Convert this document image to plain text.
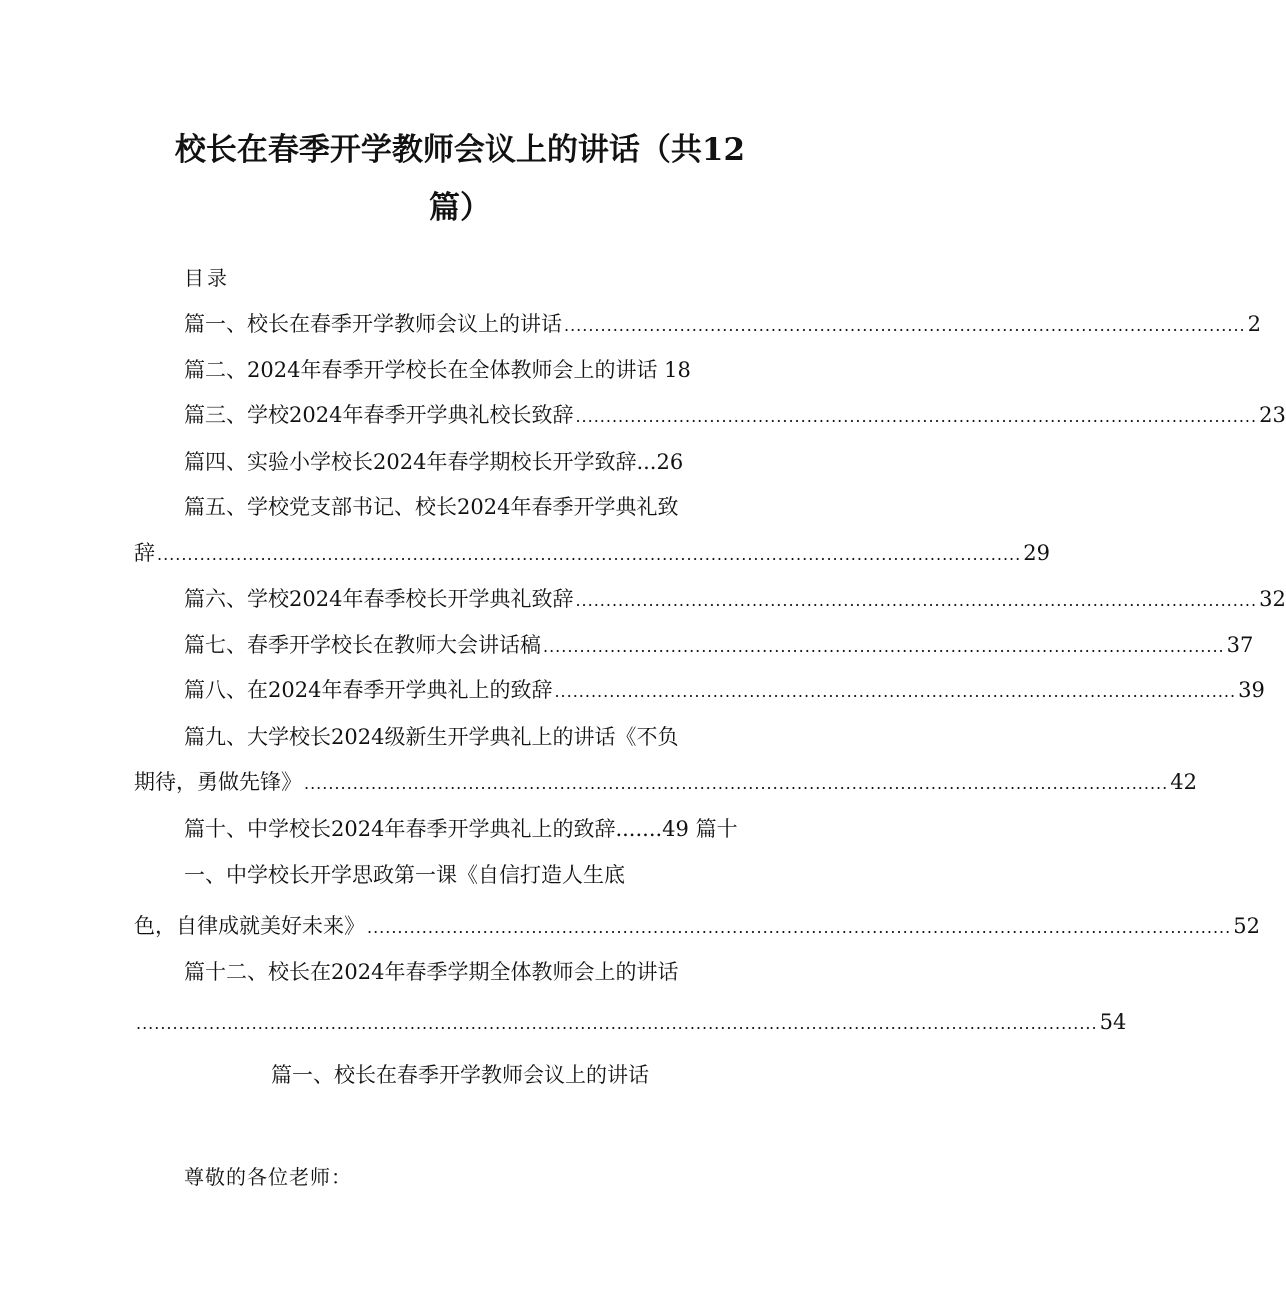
校长在春季开学教师会议上的讲话（共12
篇）
目录
篇一、校长在春季开学教师会议上的讲话 ................................................................................................................ 2
篇二、2024年春季开学校长在全体教师会上的讲话 18
篇三、学校2024年春季开学典礼校长致辞 ................................................................................................................ 23
篇四、实验小学校长2024年春学期校长开学致辞...26
篇五、学校党支部书记、校长2024年春季开学典礼致
辞 .............................................................................................................................................. 29
篇六、学校2024年春季校长开学典礼致辞 ................................................................................................................ 32
篇七、春季开学校长在教师大会讲话稿 ................................................................................................................ 37
篇八、在2024年春季开学典礼上的致辞 ................................................................................................................ 39
篇九、大学校长2024级新生开学典礼上的讲话《不负
期待，勇做先锋》 .............................................................................................................................................. 42
篇十、中学校长2024年春季开学典礼上的致辞.......49 篇十
一、中学校长开学思政第一课《自信打造人生底
色，自律成就美好未来》 .............................................................................................................................................. 52
篇十二、校长在2024年春季学期全体教师会上的讲话
.............................................................................................................................................................. 54
篇一、校长在春季开学教师会议上的讲话
尊敬的各位老师：
